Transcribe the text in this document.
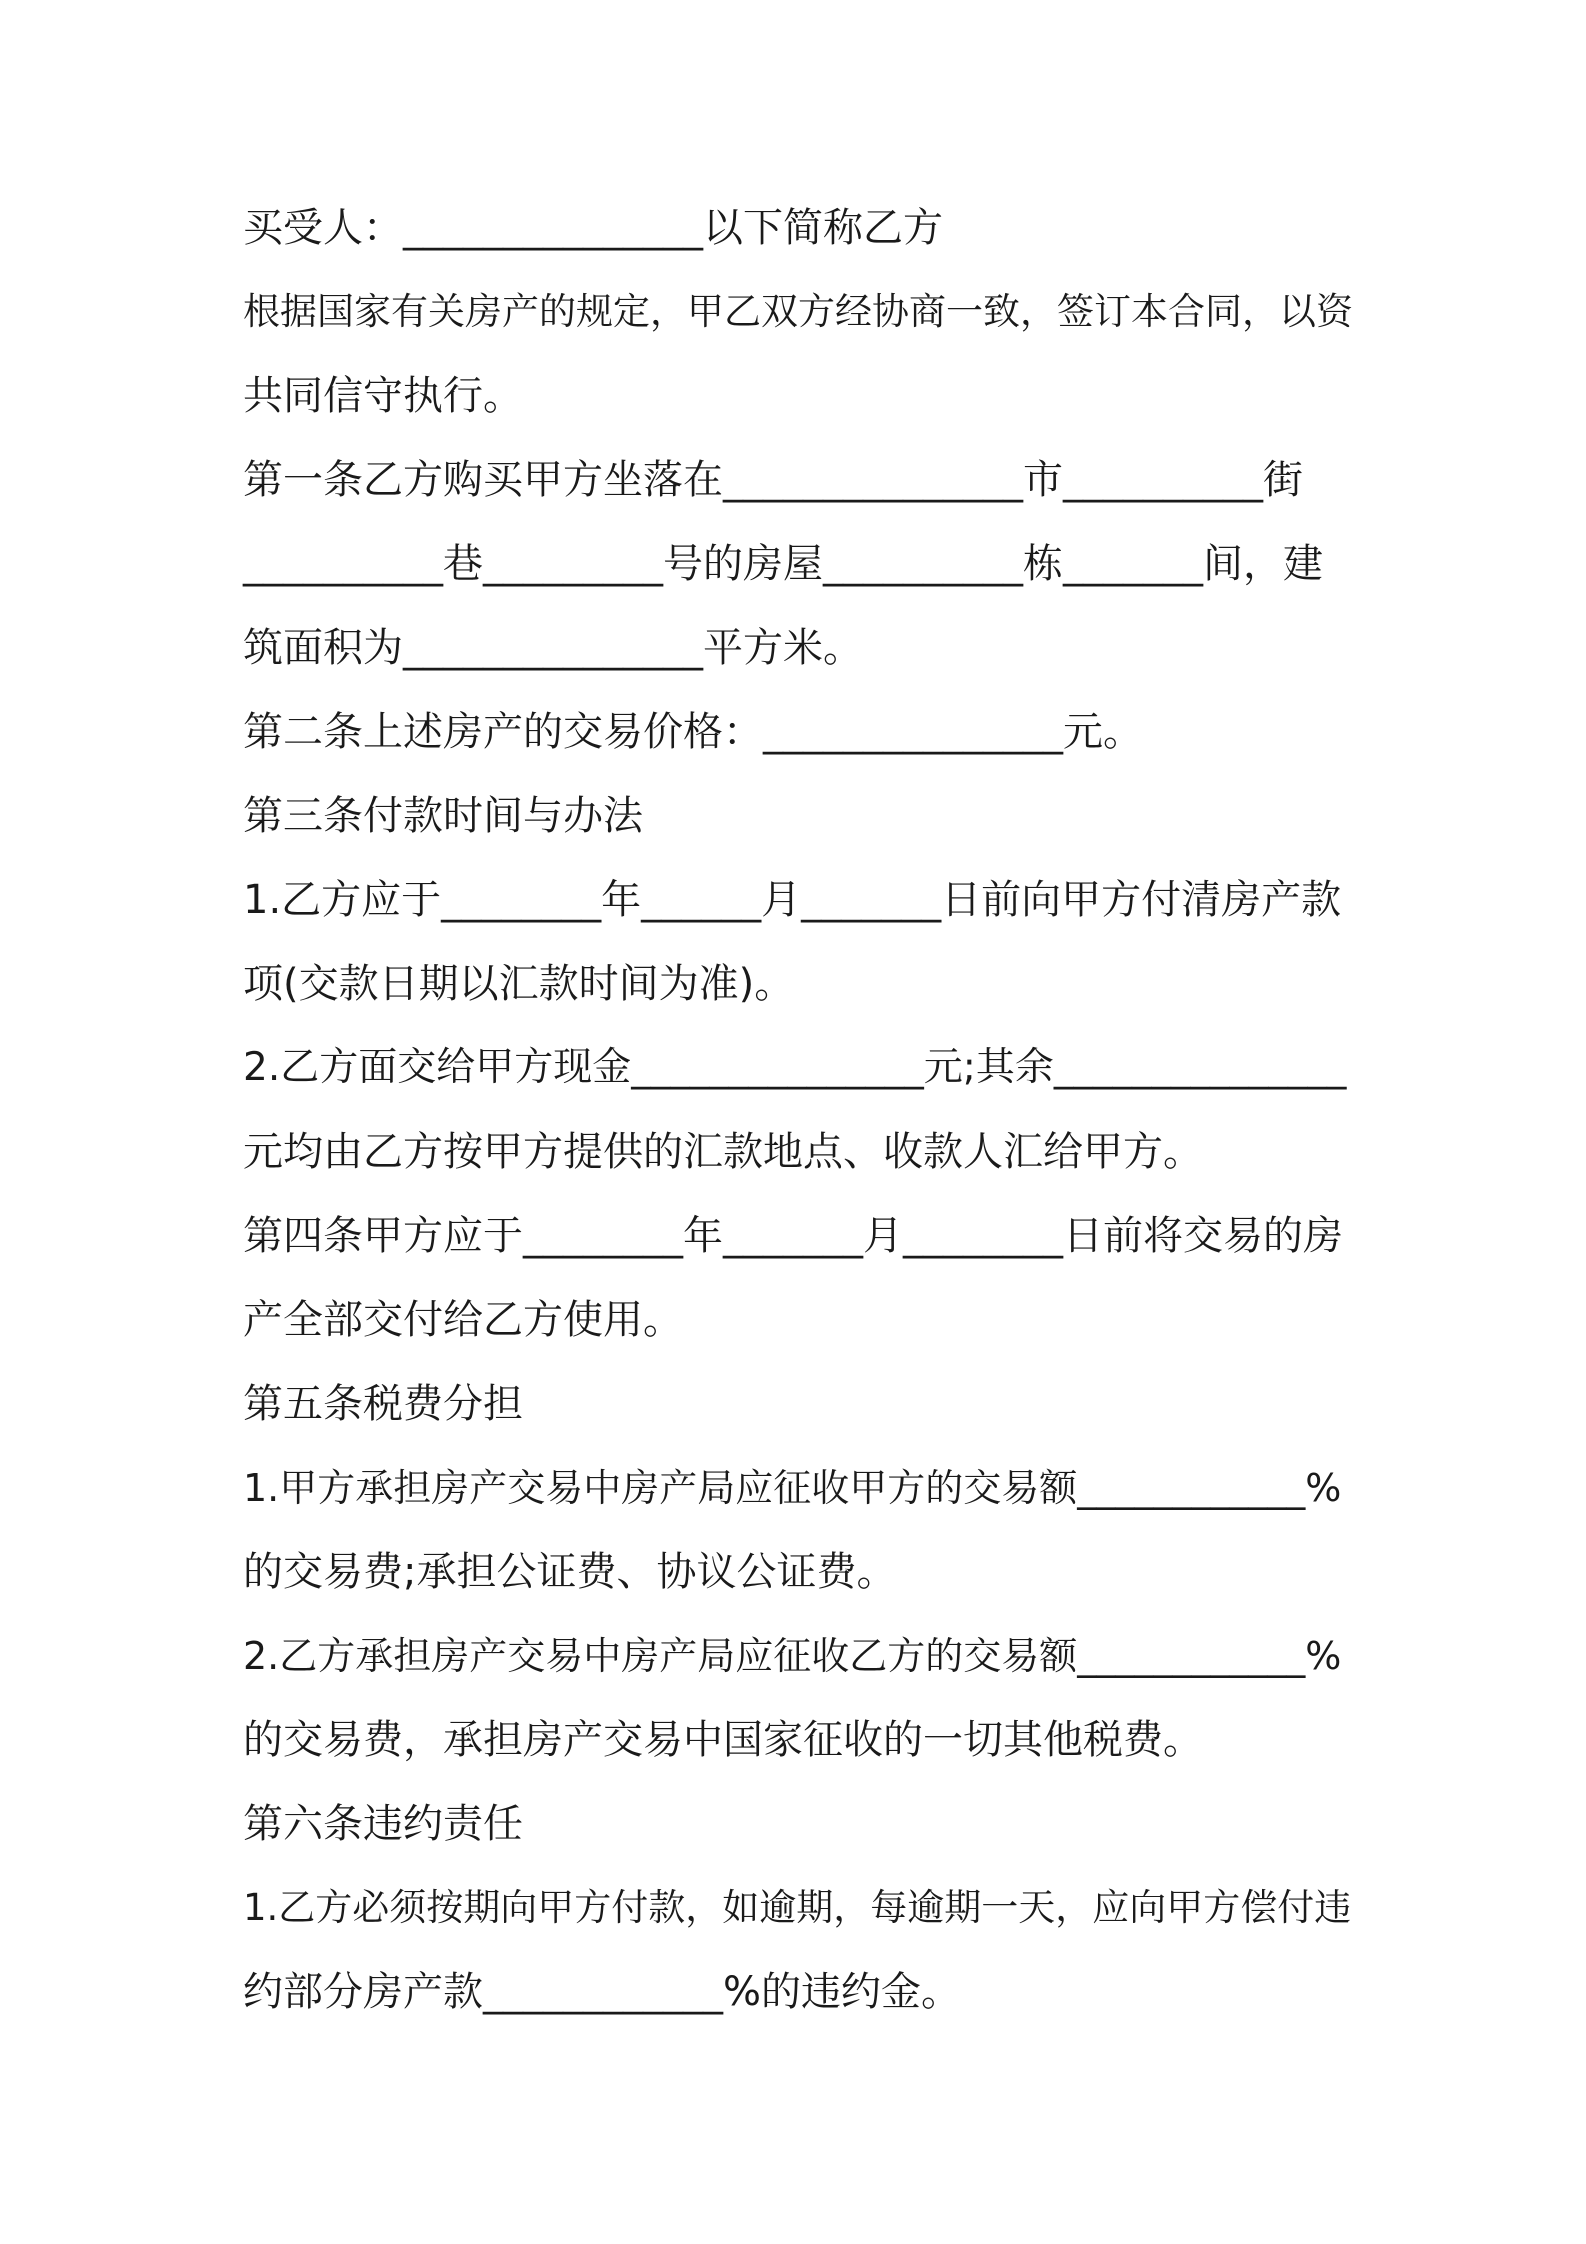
买受人：_______________以下简称乙方
根据国家有关房产的规定，甲乙双方经协商一致，签订本合同，以资
共同信守执行。
第一条乙方购买甲方坐落在_______________市__________街
__________巷_________号的房屋__________栋_______间，建
筑面积为_______________平方米。
第二条上述房产的交易价格：_______________元。
第三条付款时间与办法
1.乙方应于________年______月_______日前向甲方付清房产款
项(交款日期以汇款时间为准)。
2.乙方面交给甲方现金_______________元;其余_______________
元均由乙方按甲方提供的汇款地点、收款人汇给甲方。
第四条甲方应于________年_______月________日前将交易的房
产全部交付给乙方使用。
第五条税费分担
1.甲方承担房产交易中房产局应征收甲方的交易额____________%
的交易费;承担公证费、协议公证费。
2.乙方承担房产交易中房产局应征收乙方的交易额____________%
的交易费，承担房产交易中国家征收的一切其他税费。
第六条违约责任
1.乙方必须按期向甲方付款，如逾期，每逾期一天，应向甲方偿付违
约部分房产款____________%的违约金。
